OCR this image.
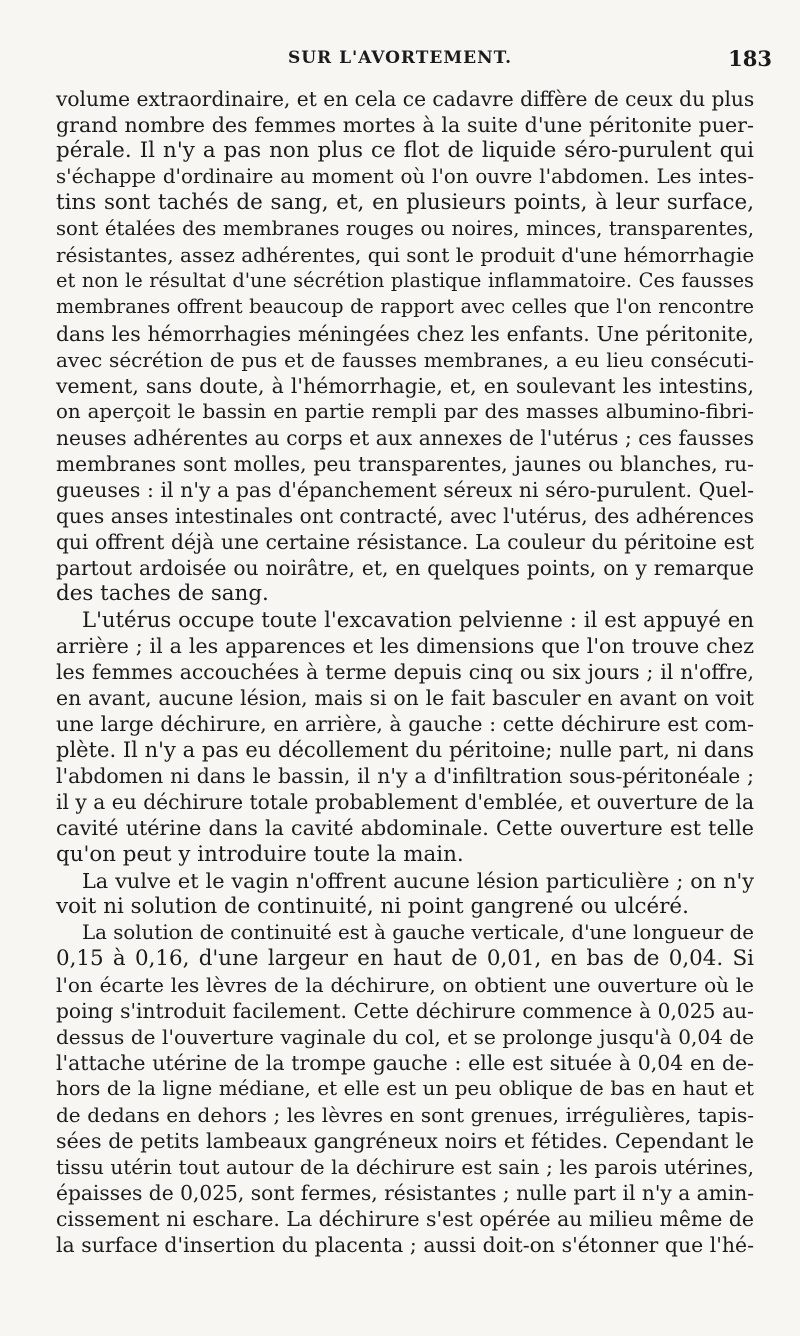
SUR L'AVORTEMENT.	183
volume extraordinaire, et en cela ce cadavre diffère de ceux du plus
grand nombre des femmes mortes à la suite d'une péritonite puer-
pérale. Il n'y a pas non plus ce flot de liquide séro-purulent qui
s'échappe d'ordinaire au moment où l'on ouvre l'abdomen. Les intes-
tins sont tachés de sang, et, en plusieurs points, à leur surface,
sont étalées des membranes rouges ou noires, minces, transparentes,
résistantes, assez adhérentes, qui sont le produit d'une hémorrhagie
et non le résultat d'une sécrétion plastique inflammatoire. Ces fausses
membranes offrent beaucoup de rapport avec celles que l'on rencontre
dans les hémorrhagies méningées chez les enfants. Une péritonite,
avec sécrétion de pus et de fausses membranes, a eu lieu consécuti-
vement, sans doute, à l'hémorrhagie, et, en soulevant les intestins,
on aperçoit le bassin en partie rempli par des masses albumino-fibri-
neuses adhérentes au corps et aux annexes de l'utérus ; ces fausses
membranes sont molles, peu transparentes, jaunes ou blanches, ru-
gueuses : il n'y a pas d'épanchement séreux ni séro-purulent. Quel-
ques anses intestinales ont contracté, avec l'utérus, des adhérences
qui offrent déjà une certaine résistance. La couleur du péritoine est
partout ardoisée ou noirâtre, et, en quelques points, on y remarque
des taches de sang.
L'utérus occupe toute l'excavation pelvienne : il est appuyé en
arrière ; il a les apparences et les dimensions que l'on trouve chez
les femmes accouchées à terme depuis cinq ou six jours ; il n'offre,
en avant, aucune lésion, mais si on le fait basculer en avant on voit
une large déchirure, en arrière, à gauche : cette déchirure est com-
plète. Il n'y a pas eu décollement du péritoine; nulle part, ni dans
l'abdomen ni dans le bassin, il n'y a d'infiltration sous-péritonéale ;
il y a eu déchirure totale probablement d'emblée, et ouverture de la
cavité utérine dans la cavité abdominale. Cette ouverture est telle
qu'on peut y introduire toute la main.
La vulve et le vagin n'offrent aucune lésion particulière ; on n'y
voit ni solution de continuité, ni point gangrené ou ulcéré.
La solution de continuité est à gauche verticale, d'une longueur de
0,15 à 0,16, d'une largeur en haut de 0,01, en bas de 0,04. Si
l'on écarte les lèvres de la déchirure, on obtient une ouverture où le
poing s'introduit facilement. Cette déchirure commence à 0,025 au-
dessus de l'ouverture vaginale du col, et se prolonge jusqu'à 0,04 de
l'attache utérine de la trompe gauche : elle est située à 0,04 en de-
hors de la ligne médiane, et elle est un peu oblique de bas en haut et
de dedans en dehors ; les lèvres en sont grenues, irrégulières, tapis-
sées de petits lambeaux gangréneux noirs et fétides. Cependant le
tissu utérin tout autour de la déchirure est sain ; les parois utérines,
épaisses de 0,025, sont fermes, résistantes ; nulle part il n'y a amin-
cissement ni eschare. La déchirure s'est opérée au milieu même de
la surface d'insertion du placenta ; aussi doit-on s'étonner que l'hé-
